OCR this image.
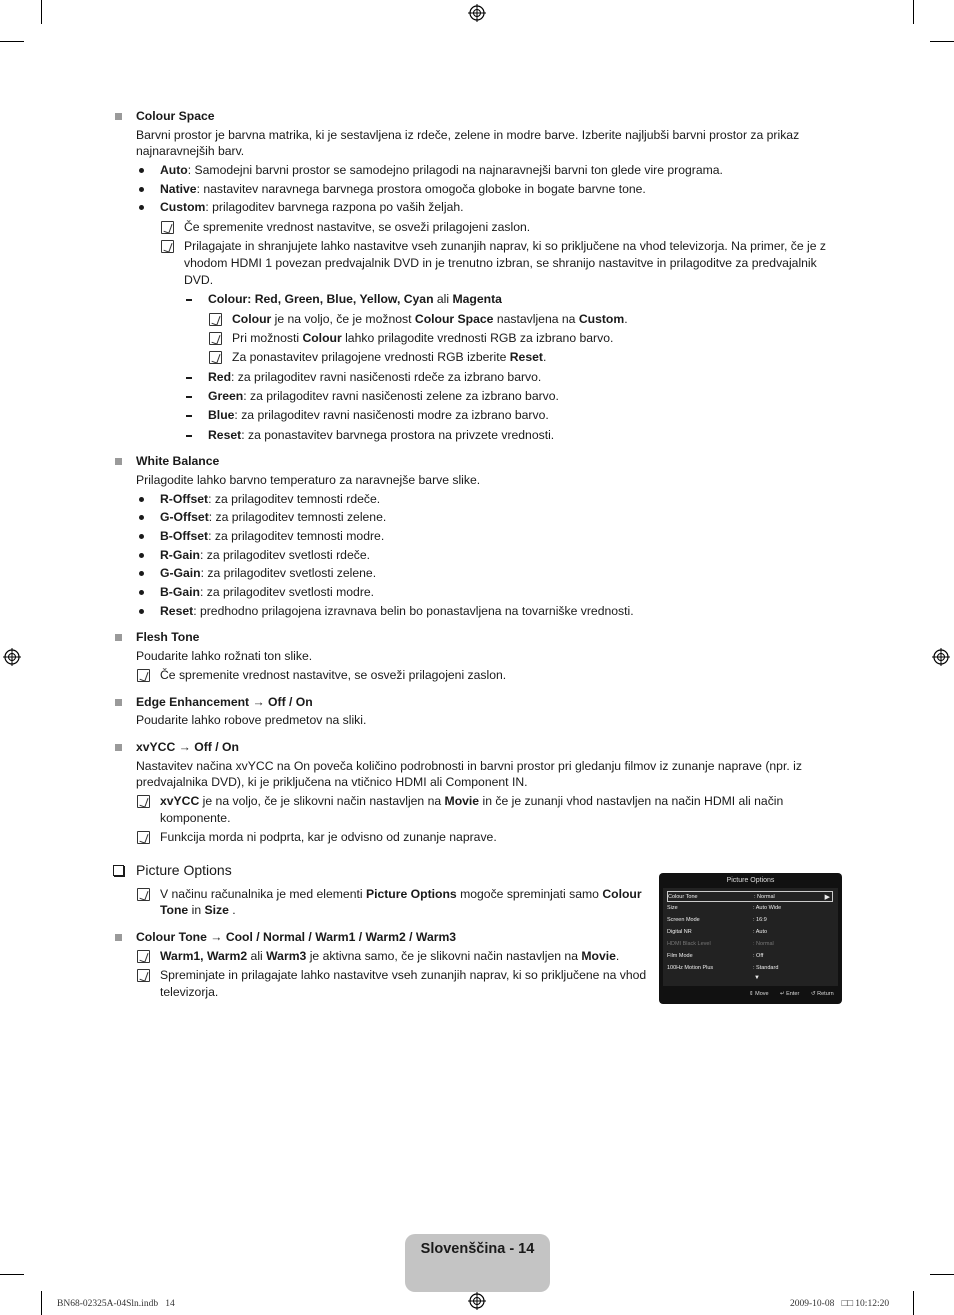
Colour Space
Barvni prostor je barvna matrika, ki je sestavljena iz rdeče, zelene in modre barve. Izberite najljubši barvni prostor za prikaz
najnaravnejših barv.
Auto: Samodejni barvni prostor se samodejno prilagodi na najnaravnejši barvni ton glede vire programa.
Native: nastavitev naravnega barvnega prostora omogoča globoke in bogate barvne tone.
Custom: prilagoditev barvnega razpona po vaših željah.
Če spremenite vrednost nastavitve, se osveži prilagojeni zaslon.
Prilagajate in shranjujete lahko nastavitve vseh zunanjih naprav, ki so priključene na vhod televizorja. Na primer, če je z
vhodom HDMI 1 povezan predvajalnik DVD in je trenutno izbran, se shranijo nastavitve in prilagoditve za predvajalnik
DVD.
Colour: Red, Green, Blue, Yellow, Cyan ali Magenta
Colour je na voljo, če je možnost Colour Space nastavljena na Custom.
Pri možnosti Colour lahko prilagodite vrednosti RGB za izbrano barvo.
Za ponastavitev prilagojene vrednosti RGB izberite Reset.
Red: za prilagoditev ravni nasičenosti rdeče za izbrano barvo.
Green: za prilagoditev ravni nasičenosti zelene za izbrano barvo.
Blue: za prilagoditev ravni nasičenosti modre za izbrano barvo.
Reset: za ponastavitev barvnega prostora na privzete vrednosti.
White Balance
Prilagodite lahko barvno temperaturo za naravnejše barve slike.
R-Offset: za prilagoditev temnosti rdeče.
G-Offset: za prilagoditev temnosti zelene.
B-Offset: za prilagoditev temnosti modre.
R-Gain: za prilagoditev svetlosti rdeče.
G-Gain: za prilagoditev svetlosti zelene.
B-Gain: za prilagoditev svetlosti modre.
Reset: predhodno prilagojena izravnava belin bo ponastavljena na tovarniške vrednosti.
Flesh Tone
Poudarite lahko rožnati ton slike.
Če spremenite vrednost nastavitve, se osveži prilagojeni zaslon.
Edge Enhancement → Off / On
Poudarite lahko robove predmetov na sliki.
xvYCC → Off / On
Nastavitev načina xvYCC na On poveča količino podrobnosti in barvni prostor pri gledanju filmov iz zunanje naprave (npr. iz
predvajalnika DVD), ki je priključena na vtičnico HDMI ali Component IN.
xvYCC je na voljo, če je slikovni način nastavljen na Movie in če je zunanji vhod nastavljen na način HDMI ali način
komponente.
Funkcija morda ni podprta, kar je odvisno od zunanje naprave.
Picture Options
V načinu računalnika je med elementi Picture Options mogoče spreminjati samo Colour
Tone in Size .
Colour Tone → Cool / Normal / Warm1 / Warm2 / Warm3
Warm1, Warm2 ali Warm3 je aktivna samo, če je slikovni način nastavljen na Movie.
Spreminjate in prilagajate lahko nastavitve vseh zunanjih naprav, ki so priključene na vhod
televizorja.
Picture Options
Colour Tone	: Normal	▶
Size	: Auto Wide
Screen Mode	: 16:9
Digital NR	: Auto
HDMI Black Level	: Normal
Film Mode	: Off
100Hz Motion Plus	: Standard
▼
⇕ Move ↵ Enter ↺ Return
Slovenščina - 14
BN68-02325A-04Sln.indb   14	2009-10-08   □□ 10:12:20
